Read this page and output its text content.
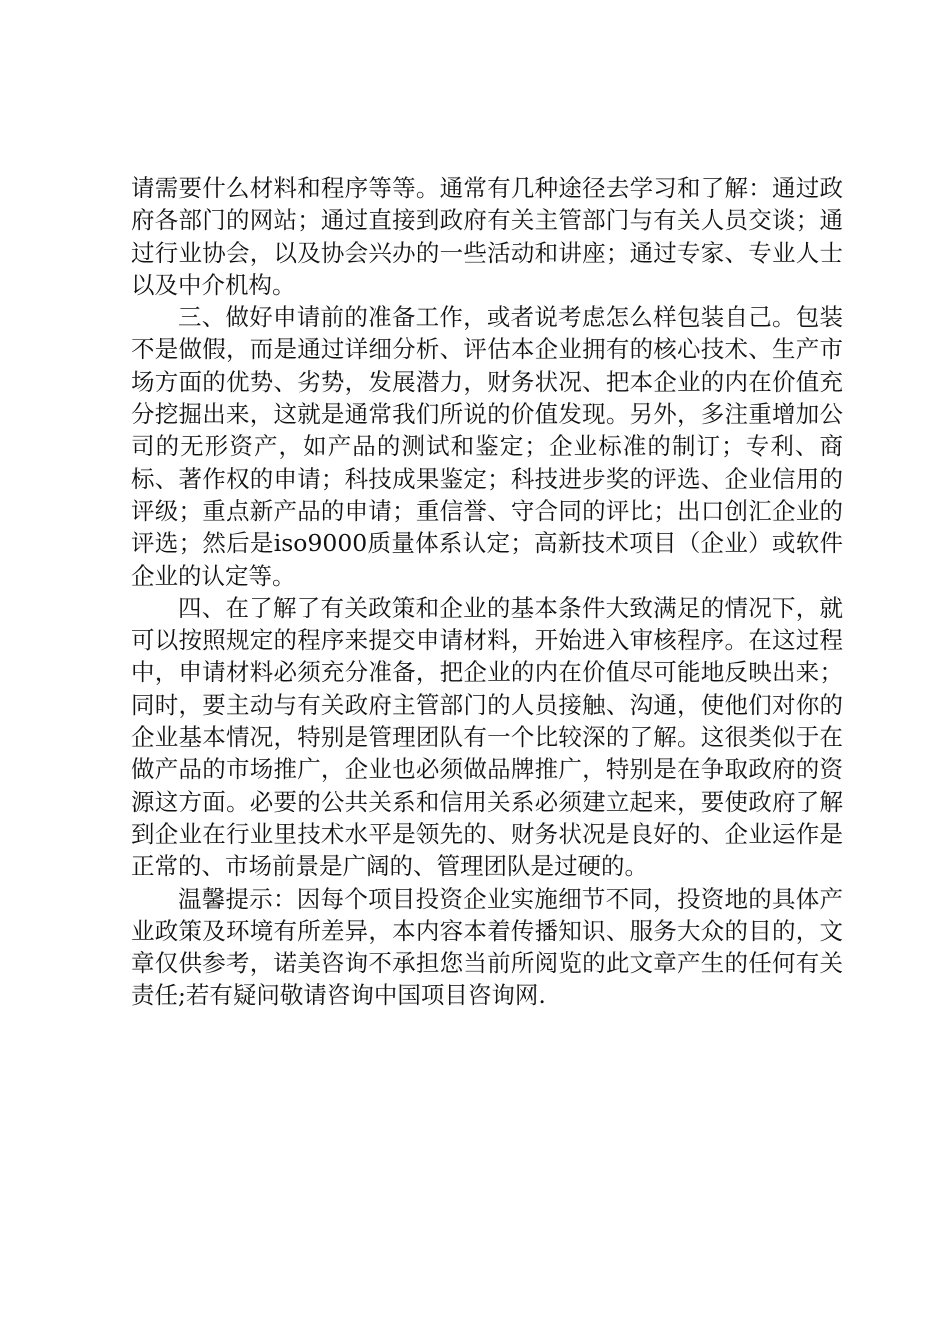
请需要什么材料和程序等等。通常有几种途径去学习和了解：通过政府各部门的网站；通过直接到政府有关主管部门与有关人员交谈；通过行业协会，以及协会兴办的一些活动和讲座；通过专家、专业人士以及中介机构。

三、做好申请前的准备工作，或者说考虑怎么样包装自己。包装不是做假，而是通过详细分析、评估本企业拥有的核心技术、生产市场方面的优势、劣势，发展潜力，财务状况、把本企业的内在价值充分挖掘出来，这就是通常我们所说的价值发现。另外，多注重增加公司的无形资产，如产品的测试和鉴定；企业标准的制订；专利、商标、著作权的申请；科技成果鉴定；科技进步奖的评选、企业信用的评级；重点新产品的申请；重信誉、守合同的评比；出口创汇企业的评选；然后是iso9000质量体系认定；高新技术项目（企业）或软件企业的认定等。

四、在了解了有关政策和企业的基本条件大致满足的情况下，就可以按照规定的程序来提交申请材料，开始进入审核程序。在这过程中，申请材料必须充分准备，把企业的内在价值尽可能地反映出来；同时，要主动与有关政府主管部门的人员接触、沟通，使他们对你的企业基本情况，特别是管理团队有一个比较深的了解。这很类似于在做产品的市场推广，企业也必须做品牌推广，特别是在争取政府的资源这方面。必要的公共关系和信用关系必须建立起来，要使政府了解到企业在行业里技术水平是领先的、财务状况是良好的、企业运作是正常的、市场前景是广阔的、管理团队是过硬的。

温馨提示：因每个项目投资企业实施细节不同，投资地的具体产业政策及环境有所差异，本内容本着传播知识、服务大众的目的，文章仅供参考，诺美咨询不承担您当前所阅览的此文章产生的任何有关责任;若有疑问敬请咨询中国项目咨询网.
